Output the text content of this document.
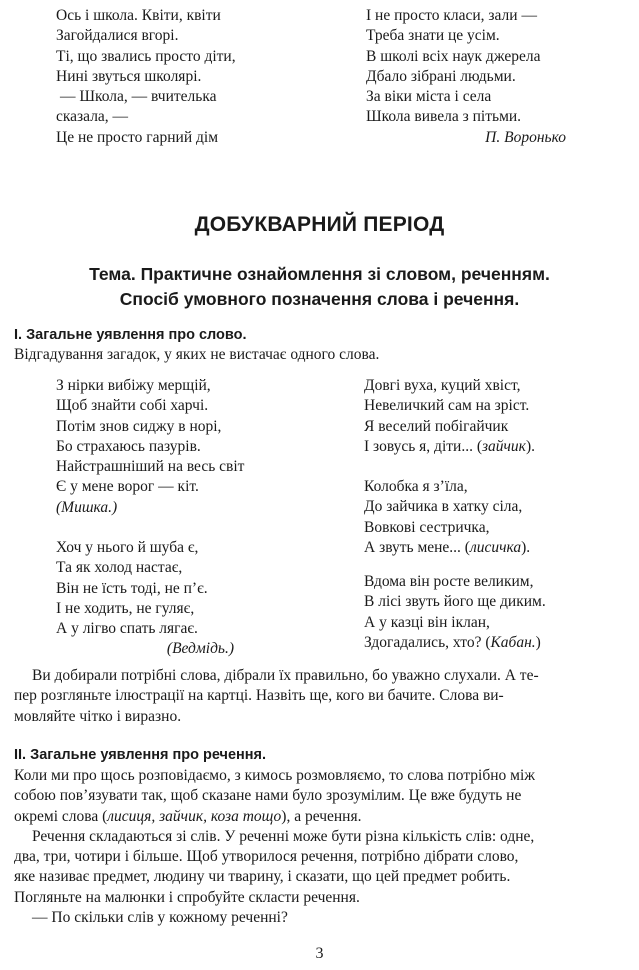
Ось і школа. Квіти, квіти
Загойдалися вгорі.
Ті, що звались просто діти,
Нині звуться школярі.
— Школа, — вчителька
сказала, —
Це не просто гарний дім
І не просто класи, зали —
Треба знати це усім.
В школі всіх наук джерела
Дбало зібрані людьми.
За віки міста і села
Школа вивела з пітьми.
П. Воронько
ДОБУКВАРНИЙ ПЕРІОД
Тема. Практичне ознайомлення зі словом, реченням.
Спосіб умовного позначення слова і речення.
І. Загальне уявлення про слово.
Відгадування загадок, у яких не вистачає одного слова.
З нірки вибіжу мерщій,
Щоб знайти собі харчі.
Потім знов сиджу в норі,
Бо страхаюсь пазурів.
Найстрашніший на весь світ
Є у мене ворог — кіт.
(Мишка.)
Хоч у нього й шуба є,
Та як холод настає,
Він не їсть тоді, не п’є.
І не ходить, не гуляє,
А у лігво спать лягає.
(Ведмідь.)
Довгі вуха, куций хвіст,
Невеличкий сам на зріст.
Я веселий побігайчик
І зовусь я, діти... (зайчик).
Колобка я з’їла,
До зайчика в хатку сіла,
Вовкові сестричка,
А звуть мене... (лисичка).
Вдома він росте великим,
В лісі звуть його ще диким.
А у казці він іклан,
Здогадались, хто? (Кабан.)
Ви добирали потрібні слова, дібрали їх правильно, бо уважно слухали. А те-
пер розгляньте ілюстрації на картці. Назвіть ще, кого ви бачите. Слова ви-
мовляйте чітко і виразно.
ІІ. Загальне уявлення про речення.
Коли ми про щось розповідаємо, з кимось розмовляємо, то слова потрібно між
собою пов’язувати так, щоб сказане нами було зрозумілим. Це вже будуть не
окремі слова (лисиця, зайчик, коза тощо), а речення.
Речення складаються зі слів. У реченні може бути різна кількість слів: одне,
два, три, чотири і більше. Щоб утворилося речення, потрібно дібрати слово,
яке називає предмет, людину чи тварину, і сказати, що цей предмет робить.
Погляньте на малюнки і спробуйте скласти речення.
— По скільки слів у кожному реченні?
3
